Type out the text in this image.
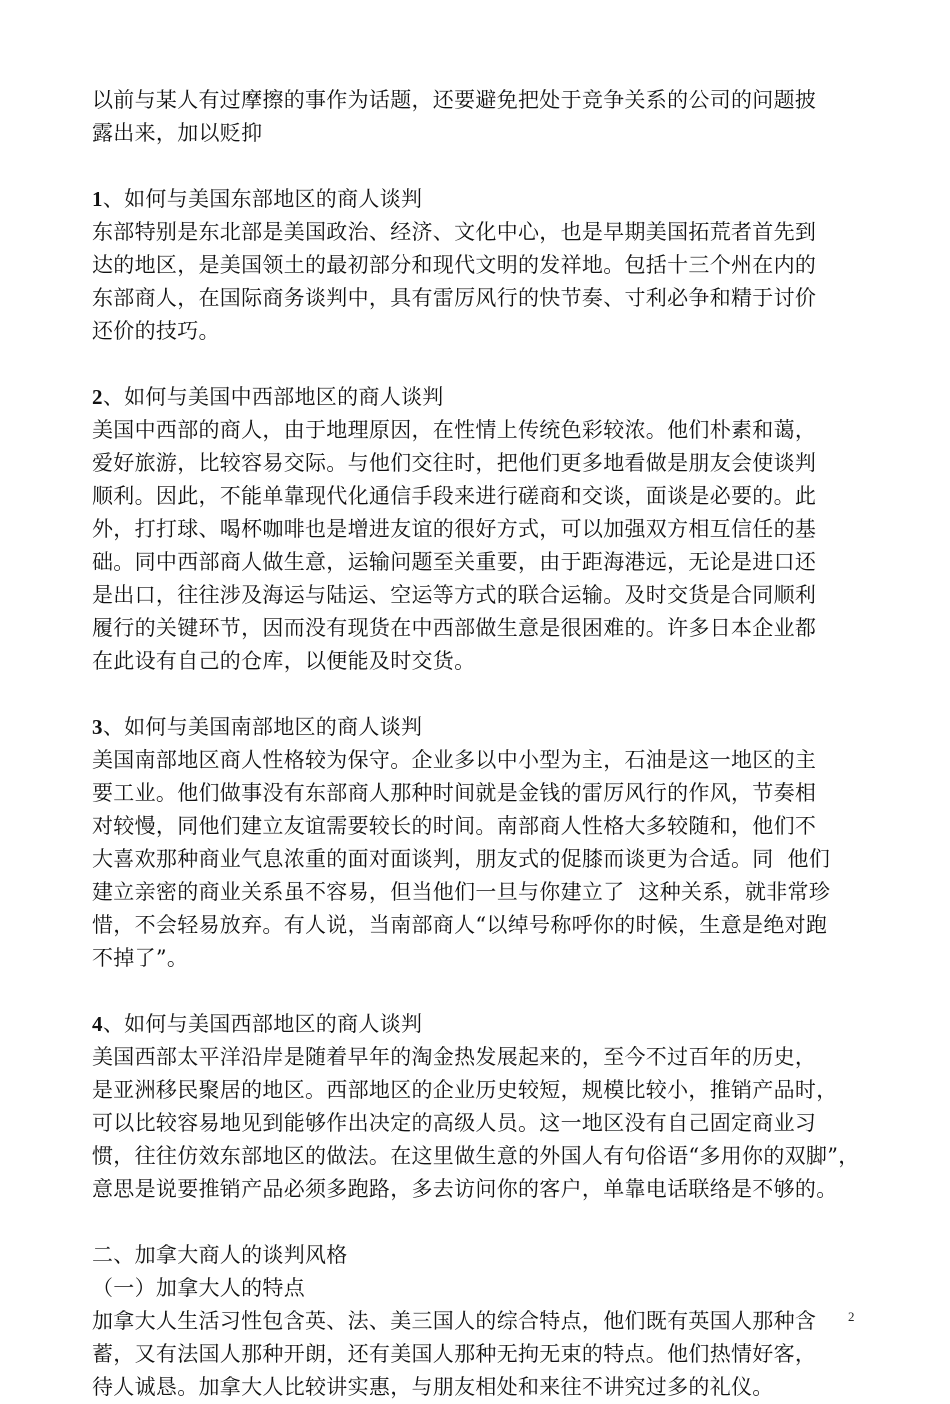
以前与某人有过摩擦的事作为话题，还要避免把处于竞争关系的公司的问题披
露出来，加以贬抑
1、如何与美国东部地区的商人谈判
东部特别是东北部是美国政治、经济、文化中心，也是早期美国拓荒者首先到
达的地区，是美国领土的最初部分和现代文明的发祥地。包括十三个州在内的
东部商人，在国际商务谈判中，具有雷厉风行的快节奏、寸利必争和精于讨价
还价的技巧。
2、如何与美国中西部地区的商人谈判
美国中西部的商人，由于地理原因，在性情上传统色彩较浓。他们朴素和蔼，
爱好旅游，比较容易交际。与他们交往时，把他们更多地看做是朋友会使谈判
顺利。因此，不能单靠现代化通信手段来进行磋商和交谈，面谈是必要的。此
外，打打球、喝杯咖啡也是增进友谊的很好方式，可以加强双方相互信任的基
础。同中西部商人做生意，运输问题至关重要，由于距海港远，无论是进口还
是出口，往往涉及海运与陆运、空运等方式的联合运输。及时交货是合同顺利
履行的关键环节，因而没有现货在中西部做生意是很困难的。许多日本企业都
在此设有自己的仓库，以便能及时交货。
3、如何与美国南部地区的商人谈判
美国南部地区商人性格较为保守。企业多以中小型为主，石油是这一地区的主
要工业。他们做事没有东部商人那种时间就是金钱的雷厉风行的作风，节奏相
对较慢，同他们建立友谊需要较长的时间。南部商人性格大多较随和，他们不
大喜欢那种商业气息浓重的面对面谈判，朋友式的促膝而谈更为合适。同  他们
建立亲密的商业关系虽不容易，但当他们一旦与你建立了  这种关系，就非常珍
惜，不会轻易放弃。有人说，当南部商人“以绰号称呼你的时候，生意是绝对跑
不掉了”。
4、如何与美国西部地区的商人谈判
美国西部太平洋沿岸是随着早年的淘金热发展起来的，至今不过百年的历史，
是亚洲移民聚居的地区。西部地区的企业历史较短，规模比较小，推销产品时，
可以比较容易地见到能够作出决定的高级人员。这一地区没有自己固定商业习
惯，往往仿效东部地区的做法。在这里做生意的外国人有句俗语“多用你的双脚”，
意思是说要推销产品必须多跑路，多去访问你的客户，单靠电话联络是不够的。
二、加拿大商人的谈判风格
（一）加拿大人的特点
加拿大人生活习性包含英、法、美三国人的综合特点，他们既有英国人那种含
蓄，又有法国人那种开朗，还有美国人那种无拘无束的特点。他们热情好客，
待人诚恳。加拿大人比较讲实惠，与朋友相处和来往不讲究过多的礼仪。
2
